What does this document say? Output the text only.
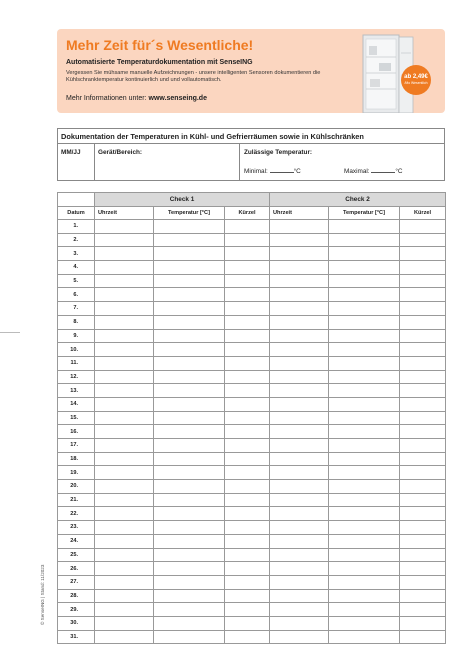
Mehr Zeit für´s Wesentliche!
Automatisierte Temperaturdokumentation mit SenseING
Vergessen Sie mühsame manuelle Aufzeichnungen - unsere intelligenten Sensoren dokumentieren die Kühlschranktemperatur kontinuierlich und und vollautomatisch.
Mehr Informationen unter: www.senseing.de
ab 2,49€
/Mo Wesentlich
Dokumentation der Temperaturen in Kühl- und Gefrierräumen sowie in Kühlschränken
MM/JJ	Gerät/Bereich:	Zulässige Temperatur:
Minimal:	°C	Maximal:	°C
	Check 1			Check 2		
Datum	Uhrzeit	Temperatur [°C]	Kürzel	Uhrzeit	Temperatur [°C]	Kürzel
1.						
2.						
3.						
4.						
5.						
6.						
7.						
8.						
9.						
10.						
11.						
12.						
13.						
14.						
15.						
16.						
17.						
18.						
19.						
20.						
21.						
22.						
23.						
24.						
25.						
26.						
27.						
28.						
29.						
30.						
31.						
© SenseING | Stand: 11/2023
